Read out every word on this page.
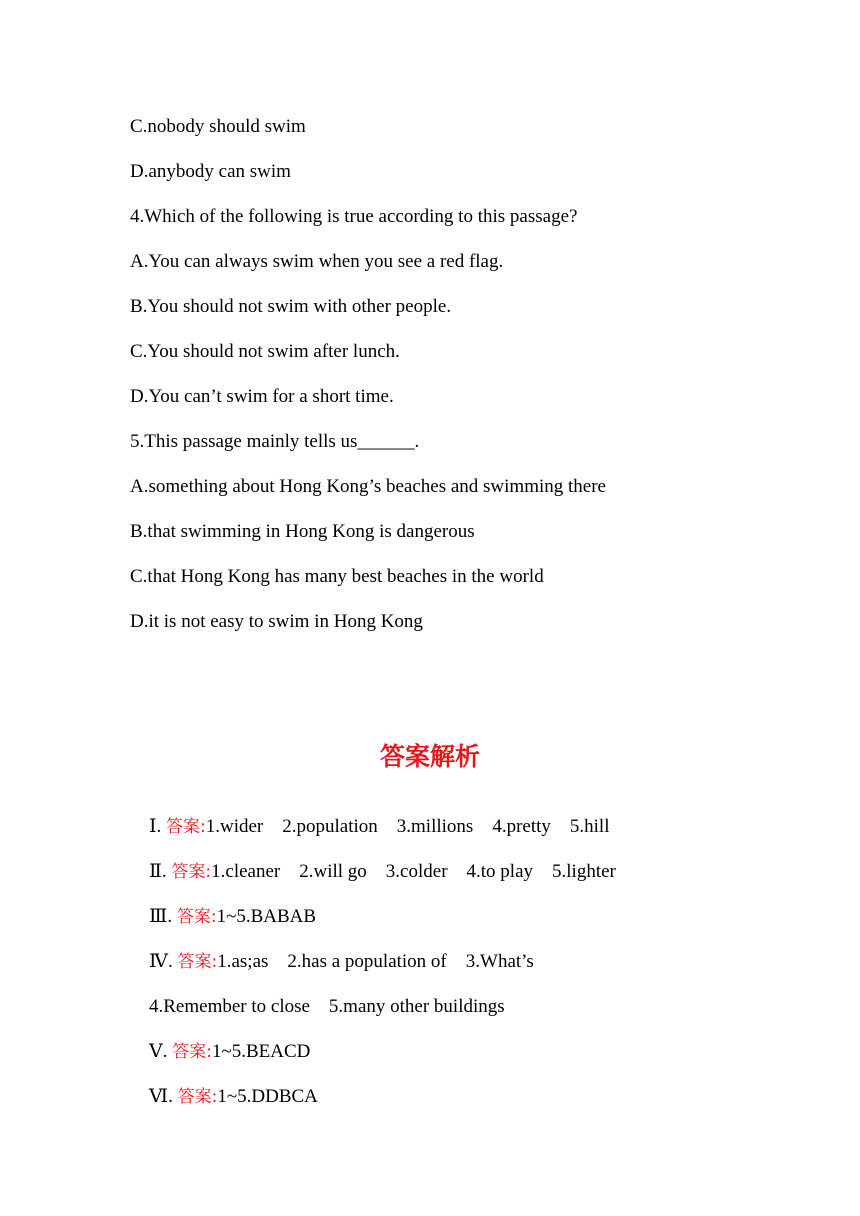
C.nobody should swim
D.anybody can swim
4.Which of the following is true according to this passage?
A.You can always swim when you see a red flag.
B.You should not swim with other people.
C.You should not swim after lunch.
D.You can’t swim for a short time.
5.This passage mainly tells us______.
A.something about Hong Kong’s beaches and swimming there
B.that swimming in Hong Kong is dangerous
C.that Hong Kong has many best beaches in the world
D.it is not easy to swim in Hong Kong
答案解析

Ⅰ. 答案:1.wider    2.population    3.millions    4.pretty    5.hill

Ⅱ. 答案:1.cleaner    2.will go    3.colder    4.to play    5.lighter

Ⅲ. 答案:1~5.BABAB

Ⅳ. 答案:1.as;as    2.has a population of    3.What’s

4.Remember to close    5.many other buildings

Ⅴ. 答案:1~5.BEACD

Ⅵ. 答案:1~5.DDBCA
